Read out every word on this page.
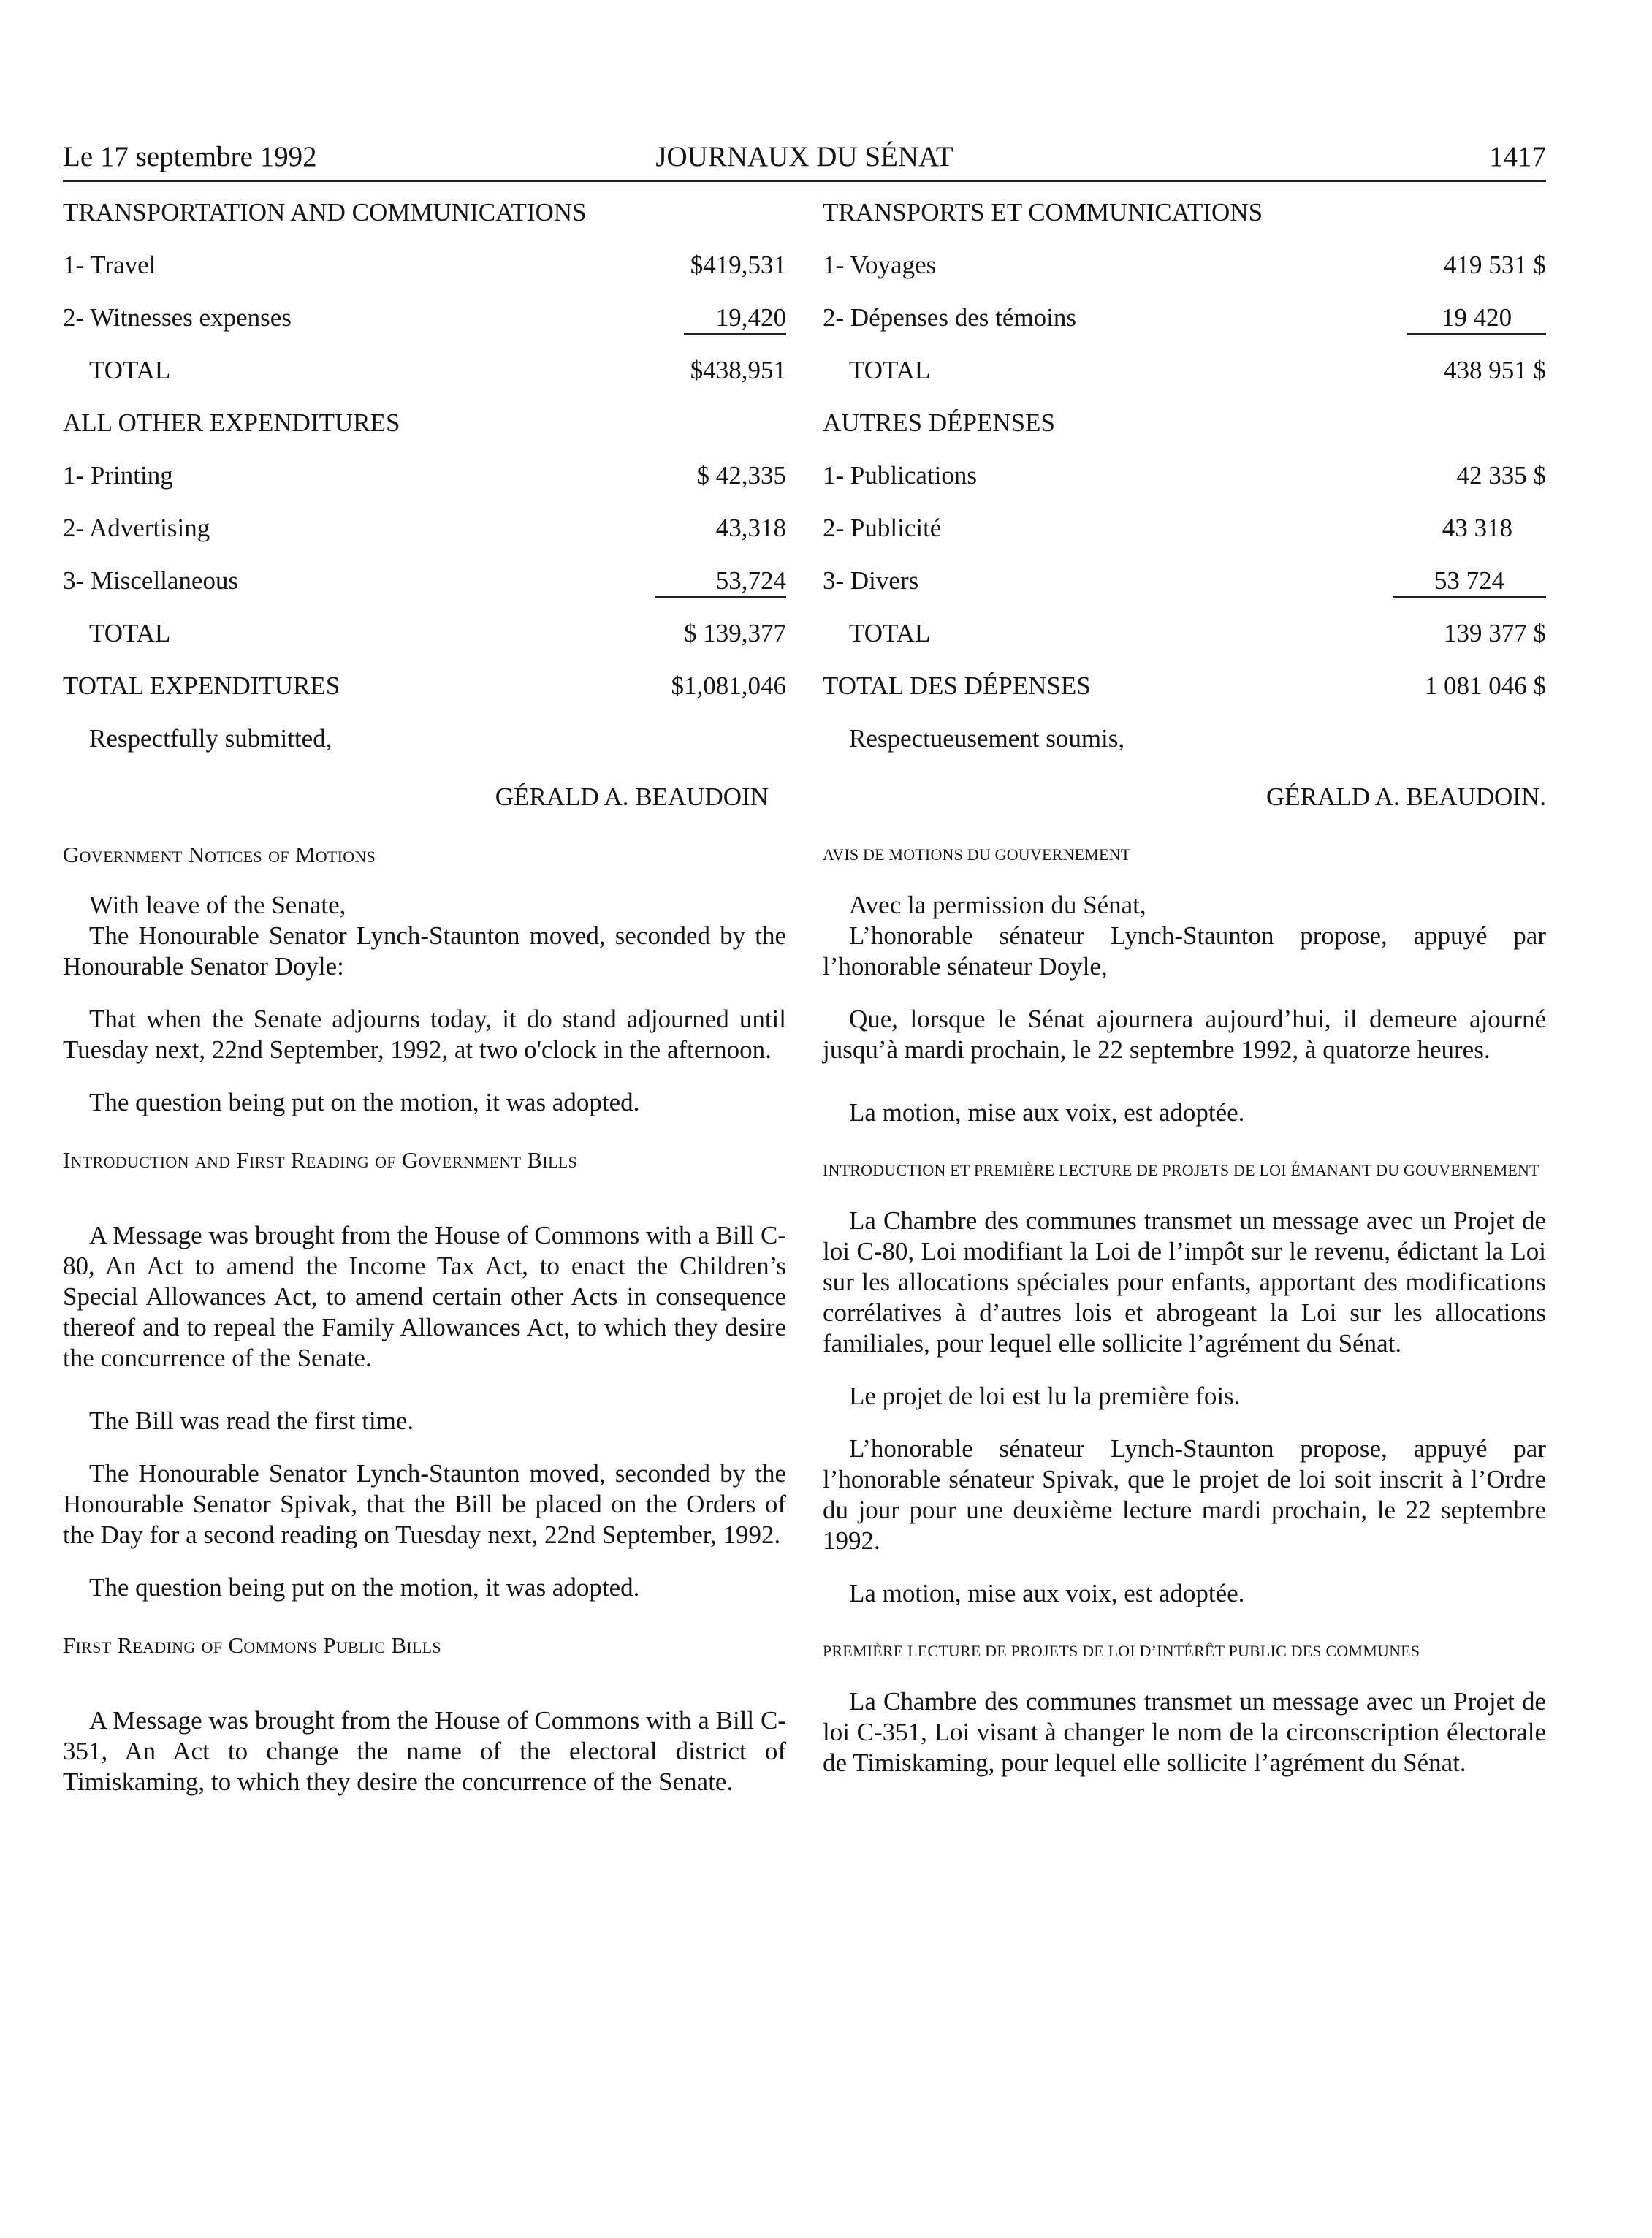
Le 17 septembre 1992	JOURNAUX DU SÉNAT	1417
TRANSPORTATION AND COMMUNICATIONS
1- Travel	$419,531
2- Witnesses expenses	19,420
TOTAL	$438,951
ALL OTHER EXPENDITURES
1- Printing	$ 42,335
2- Advertising	43,318
3- Miscellaneous	53,724
TOTAL	$ 139,377
TOTAL EXPENDITURES	$1,081,046
Respectfully submitted,
GÉRALD A. BEAUDOIN
Government Notices of Motions
With leave of the Senate,
The Honourable Senator Lynch-Staunton moved, seconded by the Honourable Senator Doyle:
That when the Senate adjourns today, it do stand adjourned until Tuesday next, 22nd September, 1992, at two o'clock in the afternoon.
The question being put on the motion, it was adopted.
Introduction and First Reading of Government Bills
A Message was brought from the House of Commons with a Bill C-80, An Act to amend the Income Tax Act, to enact the Children’s Special Allowances Act, to amend certain other Acts in consequence thereof and to repeal the Family Allowances Act, to which they desire the concurrence of the Senate.
The Bill was read the first time.
The Honourable Senator Lynch-Staunton moved, seconded by the Honourable Senator Spivak, that the Bill be placed on the Orders of the Day for a second reading on Tuesday next, 22nd September, 1992.
The question being put on the motion, it was adopted.
First Reading of Commons Public Bills
A Message was brought from the House of Commons with a Bill C-351, An Act to change the name of the electoral district of Timiskaming, to which they desire the concurrence of the Senate.
TRANSPORTS ET COMMUNICATIONS
1- Voyages	419 531 $
2- Dépenses des témoins	19 420
TOTAL	438 951 $
AUTRES DÉPENSES
1- Publications	42 335 $
2- Publicité	43 318
3- Divers	53 724
TOTAL	139 377 $
TOTAL DES DÉPENSES	1 081 046 $
Respectueusement soumis,
GÉRALD A. BEAUDOIN.
AVIS DE MOTIONS DU GOUVERNEMENT
Avec la permission du Sénat,
L’honorable sénateur Lynch-Staunton propose, appuyé par l’honorable sénateur Doyle,
Que, lorsque le Sénat ajournera aujourd’hui, il demeure ajourné jusqu’à mardi prochain, le 22 septembre 1992, à quatorze heures.
La motion, mise aux voix, est adoptée.
INTRODUCTION ET PREMIÈRE LECTURE DE PROJETS DE LOI ÉMANANT DU GOUVERNEMENT
La Chambre des communes transmet un message avec un Projet de loi C-80, Loi modifiant la Loi de l’impôt sur le revenu, édictant la Loi sur les allocations spéciales pour enfants, apportant des modifications corrélatives à d’autres lois et abrogeant la Loi sur les allocations familiales, pour lequel elle sollicite l’agrément du Sénat.
Le projet de loi est lu la première fois.
L’honorable sénateur Lynch-Staunton propose, appuyé par l’honorable sénateur Spivak, que le projet de loi soit inscrit à l’Ordre du jour pour une deuxième lecture mardi prochain, le 22 septembre 1992.
La motion, mise aux voix, est adoptée.
PREMIÈRE LECTURE DE PROJETS DE LOI D’INTÉRÊT PUBLIC DES COMMUNES
La Chambre des communes transmet un message avec un Projet de loi C-351, Loi visant à changer le nom de la circonscription électorale de Timiskaming, pour lequel elle sollicite l’agrément du Sénat.
